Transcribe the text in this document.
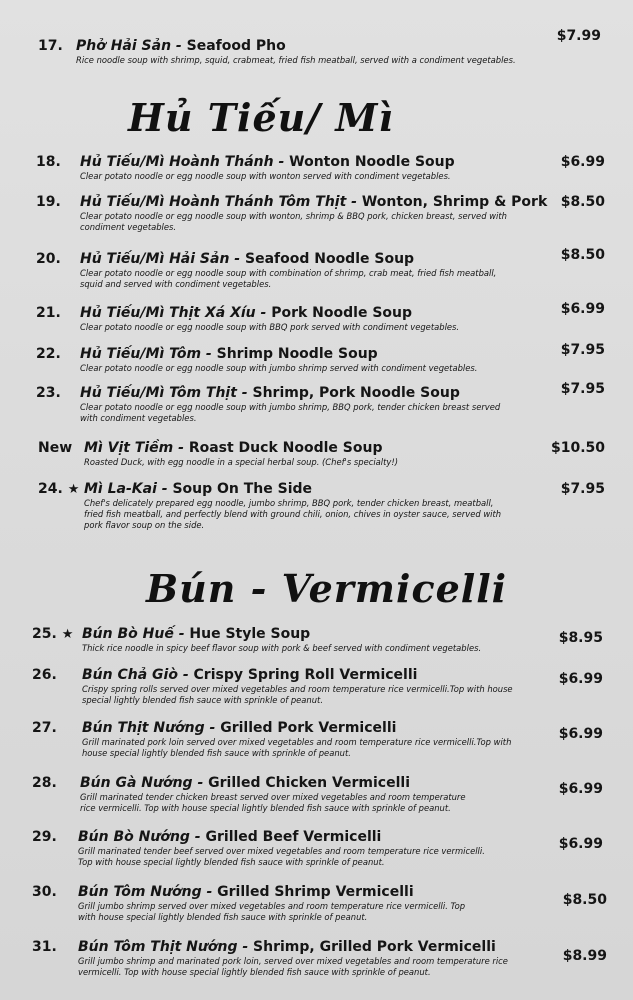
17. Phở Hải Sản - Seafood Pho
Rice noodle soup with shrimp, squid, crabmeat, fried fish meatball, served with a condiment vegetables.
$7.99
Hủ Tiếu/ Mì
18. Hủ Tiếu/Mì Hoành Thánh - Wonton Noodle Soup
Clear potato noodle or egg noodle soup with wonton served with condiment vegetables.
$6.99
19. Hủ Tiếu/Mì Hoành Thánh Tôm Thịt - Wonton, Shrimp & Pork
Clear potato noodle or egg noodle soup with wonton, shrimp & BBQ pork, chicken breast, served with condiment vegetables.
$8.50
20. Hủ Tiếu/Mì Hải Sản - Seafood Noodle Soup
Clear potato noodle or egg noodle soup with combination of shrimp, crab meat, fried fish meatball, squid and served with condiment vegetables.
$8.50
21. Hủ Tiếu/Mì Thịt Xá Xíu - Pork Noodle Soup
Clear potato noodle or egg noodle soup with BBQ pork served with condiment vegetables.
$6.99
22. Hủ Tiếu/Mì Tôm - Shrimp Noodle Soup
Clear potato noodle or egg noodle soup with jumbo shrimp served with condiment vegetables.
$7.95
23. Hủ Tiếu/Mì Tôm Thịt - Shrimp, Pork Noodle Soup
Clear potato noodle or egg noodle soup with jumbo shrimp, BBQ pork, tender chicken breast served with condiment vegetables.
$7.95
New Mì Vịt Tiềm - Roast Duck Noodle Soup
Roasted Duck, with egg noodle in a special herbal soup. (Chef's specialty!)
$10.50
24. ★ Mì La-Kai - Soup On The Side
Chef's delicately prepared egg noodle, jumbo shrimp, BBQ pork, tender chicken breast, meatball, fried fish meatball, and perfectly blend with ground chili, onion, chives in oyster sauce, served with pork flavor soup on the side.
$7.95
Bún - Vermicelli
25. ★ Bún Bò Huế - Hue Style Soup
Thick rice noodle in spicy beef flavor soup with pork & beef served with condiment vegetables.
$8.95
26. Bún Chả Giò - Crispy Spring Roll Vermicelli
Crispy spring rolls served over mixed vegetables and room temperature rice vermicelli.Top with house special lightly blended fish sauce with sprinkle of peanut.
$6.99
27. Bún Thịt Nướng - Grilled Pork Vermicelli
Grill marinated pork loin served over mixed vegetables and room temperature rice vermicelli.Top with house special lightly blended fish sauce with sprinkle of peanut.
$6.99
28. Bún Gà Nướng - Grilled Chicken Vermicelli
Grill marinated tender chicken breast served over mixed vegetables and room temperature rice vermicelli. Top with house special lightly blended fish sauce with sprinkle of peanut.
$6.99
29. Bún Bò Nướng - Grilled Beef Vermicelli
Grill marinated tender beef served over mixed vegetables and room temperature rice vermicelli. Top with house special lightly blended fish sauce with sprinkle of peanut.
$6.99
30. Bún Tôm Nướng - Grilled Shrimp Vermicelli
Grill jumbo shrimp served over mixed vegetables and room temperature rice vermicelli. Top with house special lightly blended fish sauce with sprinkle of peanut.
$8.50
31. Bún Tôm Thịt Nướng - Shrimp, Grilled Pork Vermicelli
Grill jumbo shrimp and marinated pork loin, served over mixed vegetables and room temperature rice vermicelli. Top with house special lightly blended fish sauce with sprinkle of peanut.
$8.99
